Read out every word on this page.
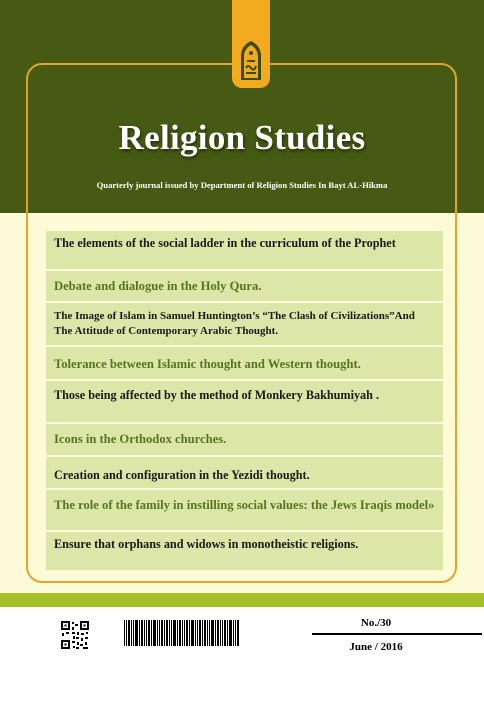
Religion Studies
Quarterly journal issued by Department of Religion Studies In Bayt AL-Hikma
The elements of the social ladder in the curriculum of the Prophet
Debate and dialogue in the Holy Qura.
The Image of Islam in Samuel Huntington’s “The Clash of Civilizations”And The Attitude of Contemporary Arabic Thought.
Tolerance between Islamic thought and Western thought.
Those being affected by the method of Monkery Bakhumiyah .
Icons in the Orthodox churches.
Creation and configuration in the Yezidi thought.
The role of the family in instilling social values: the Jews Iraqis model»
Ensure that orphans and widows in monotheistic religions.
No./30
June / 2016
